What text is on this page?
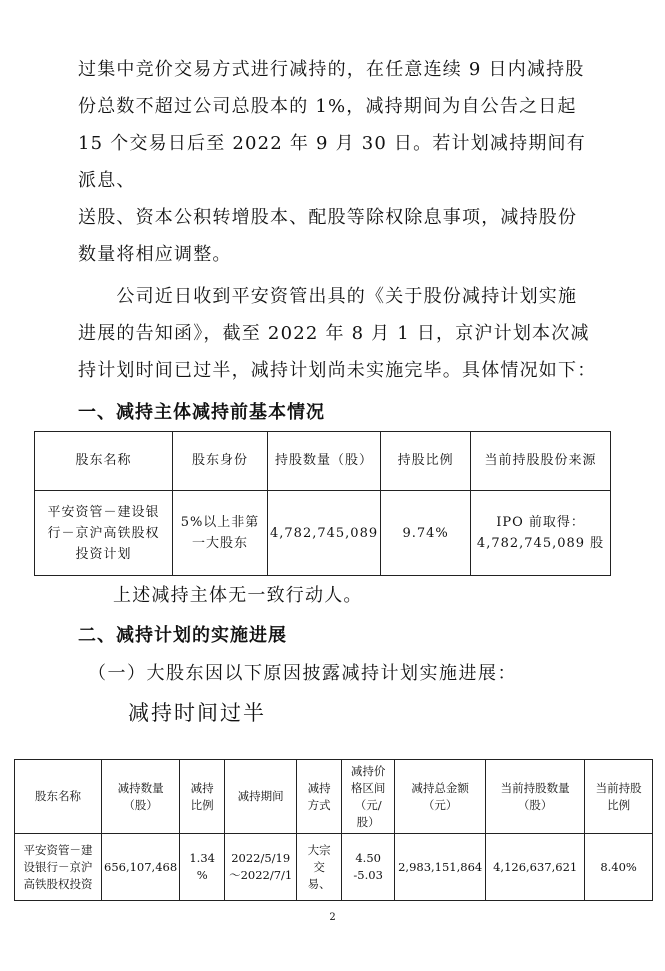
过集中竞价交易方式进行减持的，在任意连续 9 日内减持股
份总数不超过公司总股本的 1%，减持期间为自公告之日起
15 个交易日后至 2022 年 9 月 30 日。若计划减持期间有派息、
送股、资本公积转增股本、配股等除权除息事项，减持股份
数量将相应调整。

　　公司近日收到平安资管出具的《关于股份减持计划实施
进展的告知函》，截至 2022 年 8 月 1 日，京沪计划本次减
持计划时间已过半，减持计划尚未实施完毕。具体情况如下：

一、减持主体减持前基本情况
股东名称	股东身份	持股数量（股）	持股比例	当前持股股份来源
平安资管－建设银
行－京沪高铁股权
投资计划	5%以上非第
一大股东	4,782,745,089	9.74%	IPO 前取得：
4,782,745,089 股

上述减持主体无一致行动人。

二、减持计划的实施进展

（一）大股东因以下原因披露减持计划实施进展：

减持时间过半

股东名称	减持数量
（股）	减持
比例	减持期间	减持
方式	减持价
格区间
（元/
股）	减持总金额
（元）	当前持股数量
（股）	当前持股
比例
平安资管－建
设银行－京沪
高铁股权投资	656,107,468	1.34
%	2022/5/19
～2022/7/1	大宗
交
易、	4.50
-5.03	2,983,151,864	4,126,637,621	8.40%

2
